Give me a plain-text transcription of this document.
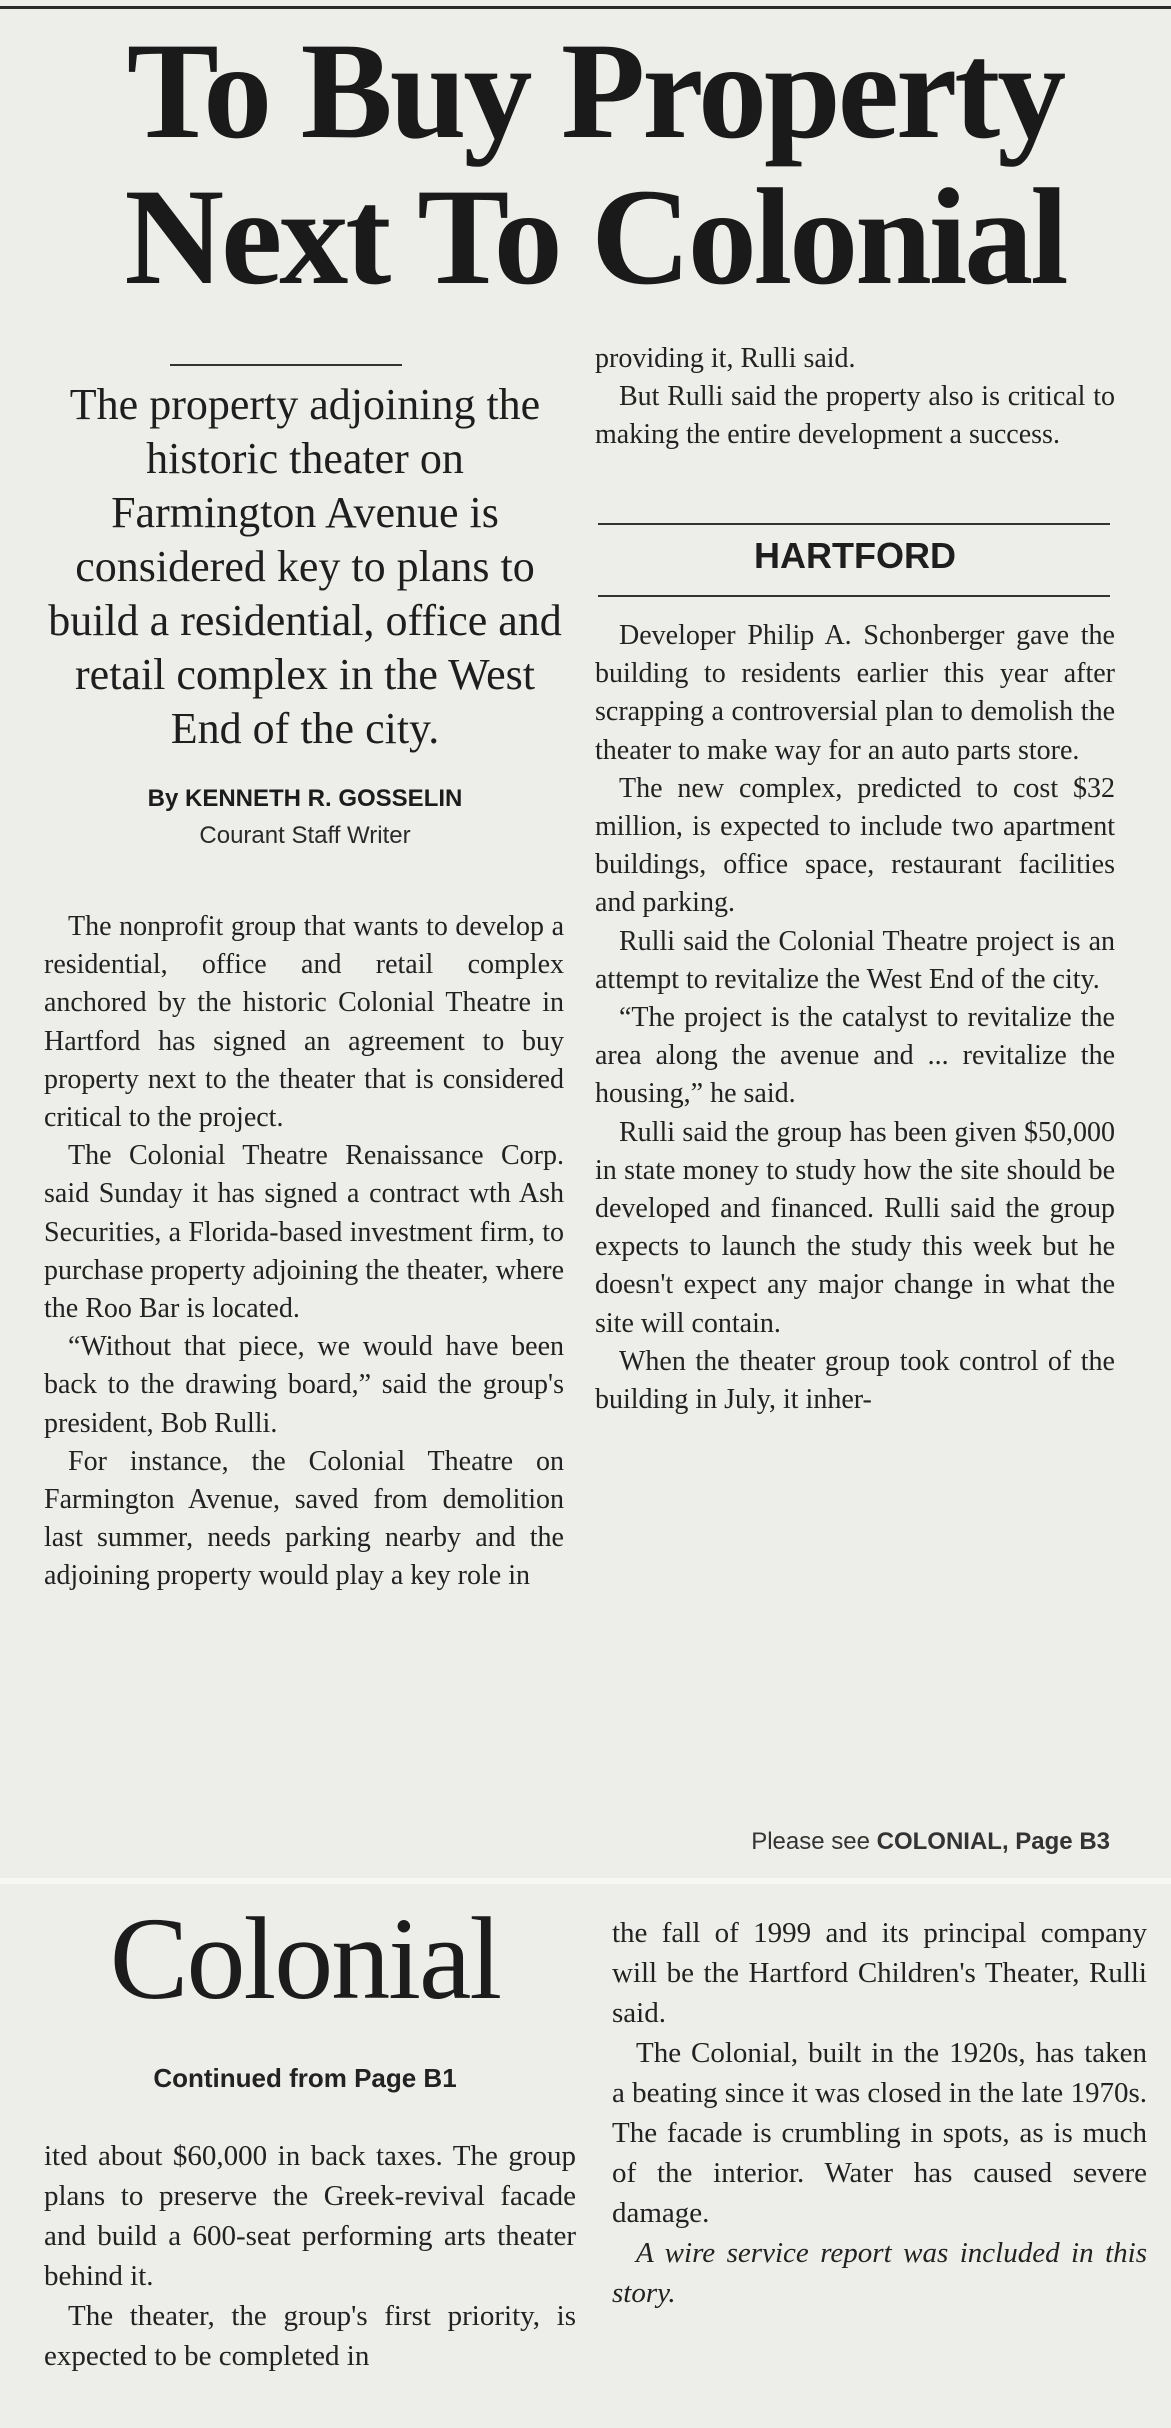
To Buy Property
Next To Colonial
The property adjoining the historic theater on Farmington Avenue is considered key to plans to build a residential, office and retail complex in the West End of the city.
By KENNETH R. GOSSELIN
Courant Staff Writer

The nonprofit group that wants to develop a residential, office and retail complex anchored by the historic Colonial Theatre in Hartford has signed an agreement to buy property next to the theater that is considered critical to the project.

The Colonial Theatre Renaissance Corp. said Sunday it has signed a contract wth Ash Securities, a Florida-based investment firm, to purchase property adjoining the theater, where the Roo Bar is located.

“Without that piece, we would have been back to the drawing board,” said the group's president, Bob Rulli.

For instance, the Colonial Theatre on Farmington Avenue, saved from demolition last summer, needs parking nearby and the adjoining property would play a key role in

providing it, Rulli said.

But Rulli said the property also is critical to making the entire development a success.

HARTFORD

Developer Philip A. Schonberger gave the building to residents earlier this year after scrapping a controversial plan to demolish the theater to make way for an auto parts store.

The new complex, predicted to cost $32 million, is expected to include two apartment buildings, office space, restaurant facilities and parking.

Rulli said the Colonial Theatre project is an attempt to revitalize the West End of the city.

“The project is the catalyst to revitalize the area along the avenue and ... revitalize the housing,” he said.

Rulli said the group has been given $50,000 in state money to study how the site should be developed and financed. Rulli said the group expects to launch the study this week but he doesn't expect any major change in what the site will contain.

When the theater group took control of the building in July, it inher-

Please see COLONIAL, Page B3
Colonial
Continued from Page B1

ited about $60,000 in back taxes. The group plans to preserve the Greek-revival facade and build a 600-seat performing arts theater behind it.

The theater, the group's first priority, is expected to be completed in

the fall of 1999 and its principal company will be the Hartford Children's Theater, Rulli said.

The Colonial, built in the 1920s, has taken a beating since it was closed in the late 1970s. The facade is crumbling in spots, as is much of the interior. Water has caused severe damage.

A wire service report was included in this story.
